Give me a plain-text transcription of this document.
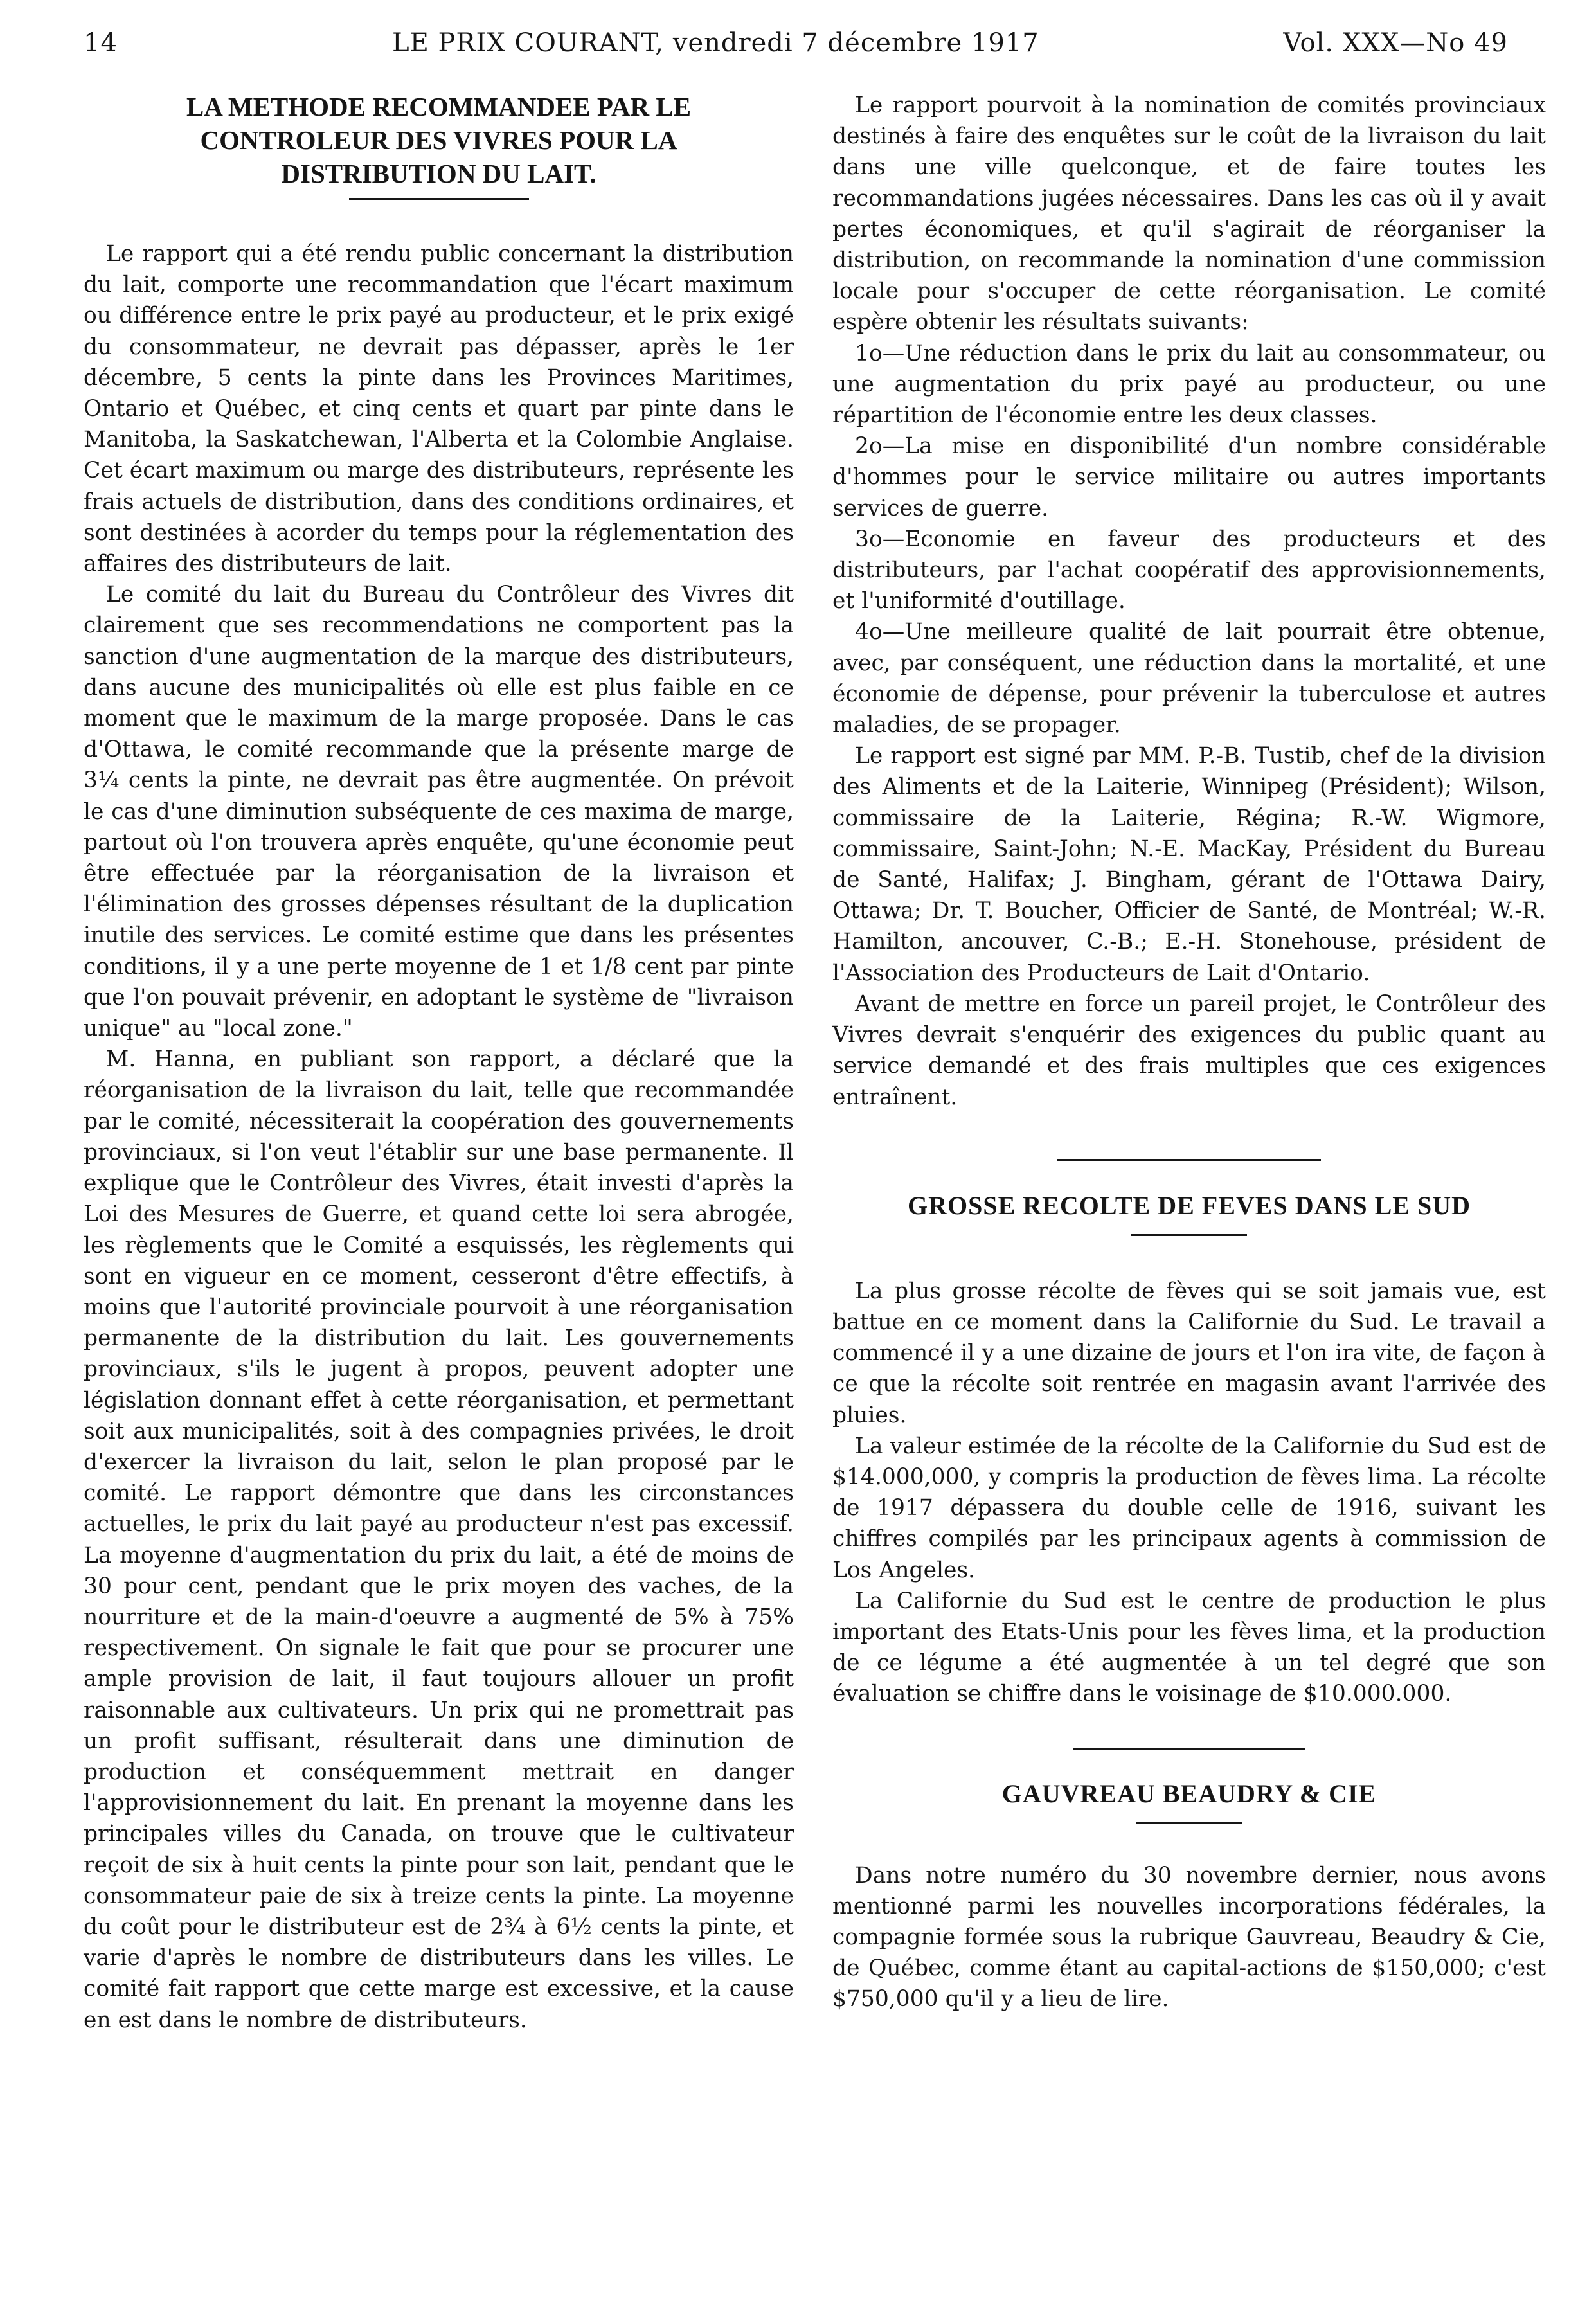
14	LE PRIX COURANT, vendredi 7 décembre 1917	Vol. XXX—No 49
LA METHODE RECOMMANDEE PAR LE CONTROLEUR DES VIVRES POUR LA DISTRIBUTION DU LAIT.

Le rapport qui a été rendu public concernant la distribution du lait, comporte une recommandation que l'écart maximum ou différence entre le prix payé au producteur, et le prix exigé du consommateur, ne devrait pas dépasser, après le 1er décembre, 5 cents la pinte dans les Provinces Maritimes, Ontario et Québec, et cinq cents et quart par pinte dans le Manitoba, la Saskatchewan, l'Alberta et la Colombie Anglaise. Cet écart maximum ou marge des distributeurs, représente les frais actuels de distribution, dans des conditions ordinaires, et sont destinées à acorder du temps pour la réglementation des affaires des distributeurs de lait.

Le comité du lait du Bureau du Contrôleur des Vivres dit clairement que ses recommendations ne comportent pas la sanction d'une augmentation de la marque des distributeurs, dans aucune des municipalités où elle est plus faible en ce moment que le maximum de la marge proposée. Dans le cas d'Ottawa, le comité recommande que la présente marge de 3¼ cents la pinte, ne devrait pas être augmentée. On prévoit le cas d'une diminution subséquente de ces maxima de marge, partout où l'on trouvera après enquête, qu'une économie peut être effectuée par la réorganisation de la livraison et l'élimination des grosses dépenses résultant de la duplication inutile des services. Le comité estime que dans les présentes conditions, il y a une perte moyenne de 1 et 1/8 cent par pinte que l'on pouvait prévenir, en adoptant le système de "livraison unique" au "local zone."

M. Hanna, en publiant son rapport, a déclaré que la réorganisation de la livraison du lait, telle que recommandée par le comité, nécessiterait la coopération des gouvernements provinciaux, si l'on veut l'établir sur une base permanente. Il explique que le Contrôleur des Vivres, était investi d'après la Loi des Mesures de Guerre, et quand cette loi sera abrogée, les règlements que le Comité a esquissés, les règlements qui sont en vigueur en ce moment, cesseront d'être effectifs, à moins que l'autorité provinciale pourvoit à une réorganisation permanente de la distribution du lait. Les gouvernements provinciaux, s'ils le jugent à propos, peuvent adopter une législation donnant effet à cette réorganisation, et permettant soit aux municipalités, soit à des compagnies privées, le droit d'exercer la livraison du lait, selon le plan proposé par le comité. Le rapport démontre que dans les circonstances actuelles, le prix du lait payé au producteur n'est pas excessif. La moyenne d'augmentation du prix du lait, a été de moins de 30 pour cent, pendant que le prix moyen des vaches, de la nourriture et de la main-d'oeuvre a augmenté de 5% à 75% respectivement. On signale le fait que pour se procurer une ample provision de lait, il faut toujours allouer un profit raisonnable aux cultivateurs. Un prix qui ne promettrait pas un profit suffisant, résulterait dans une diminution de production et conséquemment mettrait en danger l'approvisionnement du lait. En prenant la moyenne dans les principales villes du Canada, on trouve que le cultivateur reçoit de six à huit cents la pinte pour son lait, pendant que le consommateur paie de six à treize cents la pinte. La moyenne du coût pour le distributeur est de 2¾ à 6½ cents la pinte, et varie d'après le nombre de distributeurs dans les villes. Le comité fait rapport que cette marge est excessive, et la cause en est dans le nombre de distributeurs.

Le rapport pourvoit à la nomination de comités provinciaux destinés à faire des enquêtes sur le coût de la livraison du lait dans une ville quelconque, et de faire toutes les recommandations jugées nécessaires. Dans les cas où il y avait pertes économiques, et qu'il s'agirait de réorganiser la distribution, on recommande la nomination d'une commission locale pour s'occuper de cette réorganisation. Le comité espère obtenir les résultats suivants:

1o—Une réduction dans le prix du lait au consommateur, ou une augmentation du prix payé au producteur, ou une répartition de l'économie entre les deux classes.

2o—La mise en disponibilité d'un nombre considérable d'hommes pour le service militaire ou autres importants services de guerre.

3o—Economie en faveur des producteurs et des distributeurs, par l'achat coopératif des approvisionnements, et l'uniformité d'outillage.

4o—Une meilleure qualité de lait pourrait être obtenue, avec, par conséquent, une réduction dans la mortalité, et une économie de dépense, pour prévenir la tuberculose et autres maladies, de se propager.

Le rapport est signé par MM. P.-B. Tustib, chef de la division des Aliments et de la Laiterie, Winnipeg (Président); Wilson, commissaire de la Laiterie, Régina; R.-W. Wigmore, commissaire, Saint-John; N.-E. MacKay, Président du Bureau de Santé, Halifax; J. Bingham, gérant de l'Ottawa Dairy, Ottawa; Dr. T. Boucher, Officier de Santé, de Montréal; W.-R. Hamilton, ancouver, C.-B.; E.-H. Stonehouse, président de l'Association des Producteurs de Lait d'Ontario.

Avant de mettre en force un pareil projet, le Contrôleur des Vivres devrait s'enquérir des exigences du public quant au service demandé et des frais multiples que ces exigences entraînent.

GROSSE RECOLTE DE FEVES DANS LE SUD

La plus grosse récolte de fèves qui se soit jamais vue, est battue en ce moment dans la Californie du Sud. Le travail a commencé il y a une dizaine de jours et l'on ira vite, de façon à ce que la récolte soit rentrée en magasin avant l'arrivée des pluies.

La valeur estimée de la récolte de la Californie du Sud est de $14.000,000, y compris la production de fèves lima. La récolte de 1917 dépassera du double celle de 1916, suivant les chiffres compilés par les principaux agents à commission de Los Angeles.

La Californie du Sud est le centre de production le plus important des Etats-Unis pour les fèves lima, et la production de ce légume a été augmentée à un tel degré que son évaluation se chiffre dans le voisinage de $10.000.000.

GAUVREAU BEAUDRY & CIE

Dans notre numéro du 30 novembre dernier, nous avons mentionné parmi les nouvelles incorporations fédérales, la compagnie formée sous la rubrique Gauvreau, Beaudry & Cie, de Québec, comme étant au capital-actions de $150,000; c'est $750,000 qu'il y a lieu de lire.
